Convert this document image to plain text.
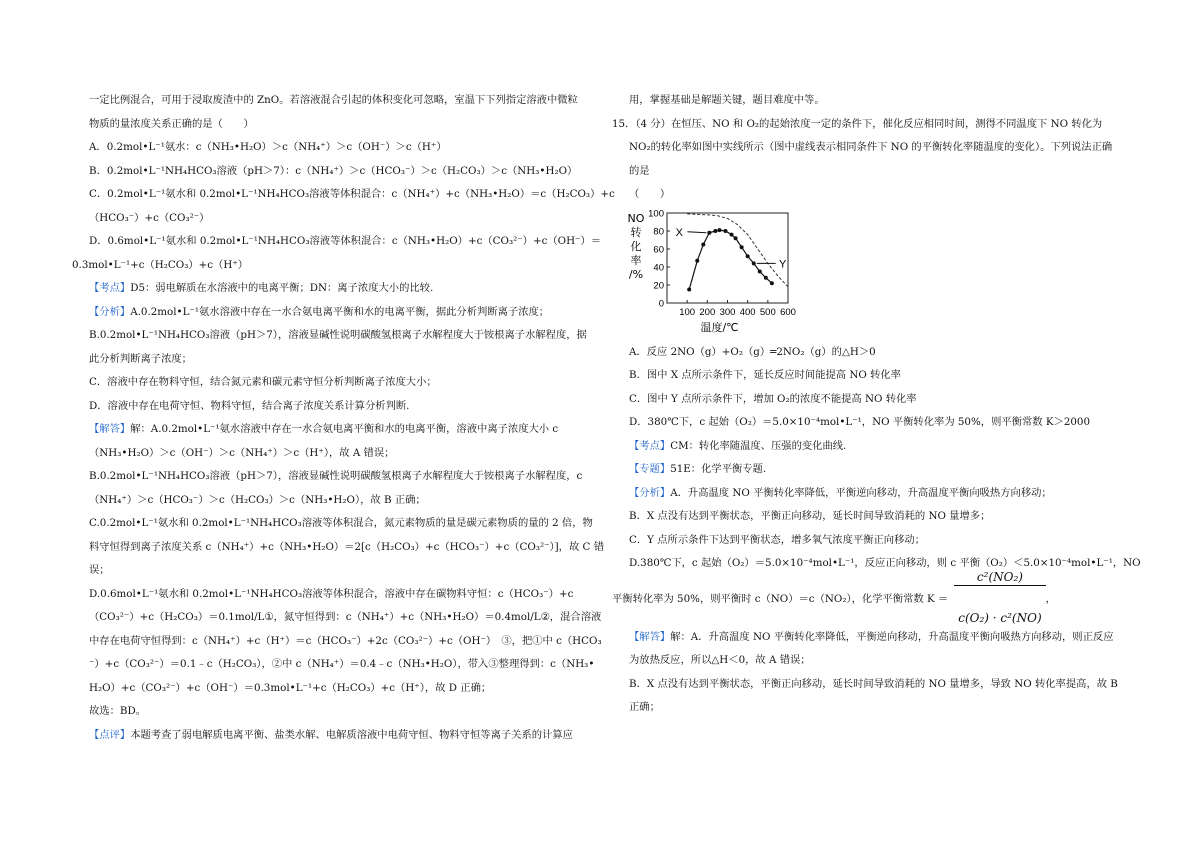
一定比例混合，可用于浸取废渣中的 ZnO。若溶液混合引起的体积变化可忽略，室温下下列指定溶液中微粒

物质的量浓度关系正确的是（　　）

A．0.2mol•L⁻¹氨水：c（NH₃•H₂O）＞c（NH₄⁺）＞c（OH⁻）＞c（H⁺）

B．0.2mol•L⁻¹NH₄HCO₃溶液（pH＞7）：c（NH₄⁺）＞c（HCO₃⁻）＞c（H₂CO₃）＞c（NH₃•H₂O）

C．0.2mol•L⁻¹氨水和 0.2mol•L⁻¹NH₄HCO₃溶液等体积混合：c（NH₄⁺）+c（NH₃•H₂O）＝c（H₂CO₃）+c

（HCO₃⁻）+c（CO₃²⁻）

D．0.6mol•L⁻¹氨水和 0.2mol•L⁻¹NH₄HCO₃溶液等体积混合：c（NH₃•H₂O）+c（CO₃²⁻）+c（OH⁻）＝

0.3mol•L⁻¹+c（H₂CO₃）+c（H⁺）

【考点】D5：弱电解质在水溶液中的电离平衡；DN：离子浓度大小的比较.

【分析】A.0.2mol•L⁻¹氨水溶液中存在一水合氨电离平衡和水的电离平衡，据此分析判断离子浓度；

B.0.2mol•L⁻¹NH₄HCO₃溶液（pH＞7），溶液显碱性说明碳酸氢根离子水解程度大于铵根离子水解程度，据

此分析判断离子浓度；

C．溶液中存在物料守恒，结合氮元素和碳元素守恒分析判断离子浓度大小；

D．溶液中存在电荷守恒、物料守恒，结合离子浓度关系计算分析判断.

【解答】解：A.0.2mol•L⁻¹氨水溶液中存在一水合氨电离平衡和水的电离平衡，溶液中离子浓度大小 c

（NH₃•H₂O）＞c（OH⁻）＞c（NH₄⁺）＞c（H⁺），故 A 错误；

B.0.2mol•L⁻¹NH₄HCO₃溶液（pH＞7），溶液显碱性说明碳酸氢根离子水解程度大于铵根离子水解程度，c

（NH₄⁺）＞c（HCO₃⁻）＞c（H₂CO₃）＞c（NH₃•H₂O），故 B 正确；

C.0.2mol•L⁻¹氨水和 0.2mol•L⁻¹NH₄HCO₃溶液等体积混合，氮元素物质的量是碳元素物质的量的 2 倍，物

料守恒得到离子浓度关系 c（NH₄⁺）+c（NH₃•H₂O）＝2[c（H₂CO₃）+c（HCO₃⁻）+c（CO₃²⁻）]，故 C 错

误；

D.0.6mol•L⁻¹氨水和 0.2mol•L⁻¹NH₄HCO₃溶液等体积混合，溶液中存在碳物料守恒：c（HCO₃⁻）+c

（CO₃²⁻）+c（H₂CO₃）＝0.1mol/L①，氮守恒得到：c（NH₄⁺）+c（NH₃•H₂O）＝0.4mol/L②，混合溶液

中存在电荷守恒得到：c（NH₄⁺）+c（H⁺）＝c（HCO₃⁻）+2c（CO₃²⁻）+c（OH⁻）　③，把①中 c（HCO₃

⁻）+c（CO₃²⁻）＝0.1﹣c（H₂CO₃），②中 c（NH₄⁺）＝0.4﹣c（NH₃•H₂O），带入③整理得到：c（NH₃•

H₂O）+c（CO₃²⁻）+c（OH⁻）＝0.3mol•L⁻¹+c（H₂CO₃）+c（H⁺），故 D 正确；

故选：BD。

【点评】本题考查了弱电解质电离平衡、盐类水解、电解质溶液中电荷守恒、物料守恒等离子关系的计算应

用，掌握基础是解题关键，题目难度中等。

15．（4 分）在恒压、NO 和 O₂的起始浓度一定的条件下，催化反应相同时间，测得不同温度下 NO 转化为

NO₂的转化率如图中实线所示（图中虚线表示相同条件下 NO 的平衡转化率随温度的变化）。下列说法正确

的是

（　　）

0
20
40
60
80
100
100 200 300 400 500 600
NO
转
化
率
/%
温度/℃
X
Y

A．反应 2NO（g）+O₂（g）═2NO₂（g）的△H＞0

B．图中 X 点所示条件下，延长反应时间能提高 NO 转化率

C．图中 Y 点所示条件下，增加 O₂的浓度不能提高 NO 转化率

D．380℃下，c 起始（O₂）＝5.0×10⁻⁴mol•L⁻¹，NO 平衡转化率为 50%，则平衡常数 K＞2000

【考点】CM：转化率随温度、压强的变化曲线.

【专题】51E：化学平衡专题.

【分析】A．升高温度 NO 平衡转化率降低，平衡逆向移动，升高温度平衡向吸热方向移动；

B．X 点没有达到平衡状态，平衡正向移动，延长时间导致消耗的 NO 量增多；

C．Y 点所示条件下达到平衡状态，增多氧气浓度平衡正向移动；

D.380℃下，c 起始（O₂）＝5.0×10⁻⁴mol•L⁻¹，反应正向移动，则 c 平衡（O₂）＜5.0×10⁻⁴mol•L⁻¹，NO

平衡转化率为 50%，则平衡时 c（NO）＝c（NO₂），化学平衡常数 K ＝

$\frac{\text{c²(NO₂)}}{\text{c(O₂) · c²(NO)}}$

，

【解答】解：A．升高温度 NO 平衡转化率降低，平衡逆向移动，升高温度平衡向吸热方向移动，则正反应

为放热反应，所以△H＜0，故 A 错误；

B．X 点没有达到平衡状态，平衡正向移动，延长时间导致消耗的 NO 量增多，导致 NO 转化率提高，故 B

正确；
